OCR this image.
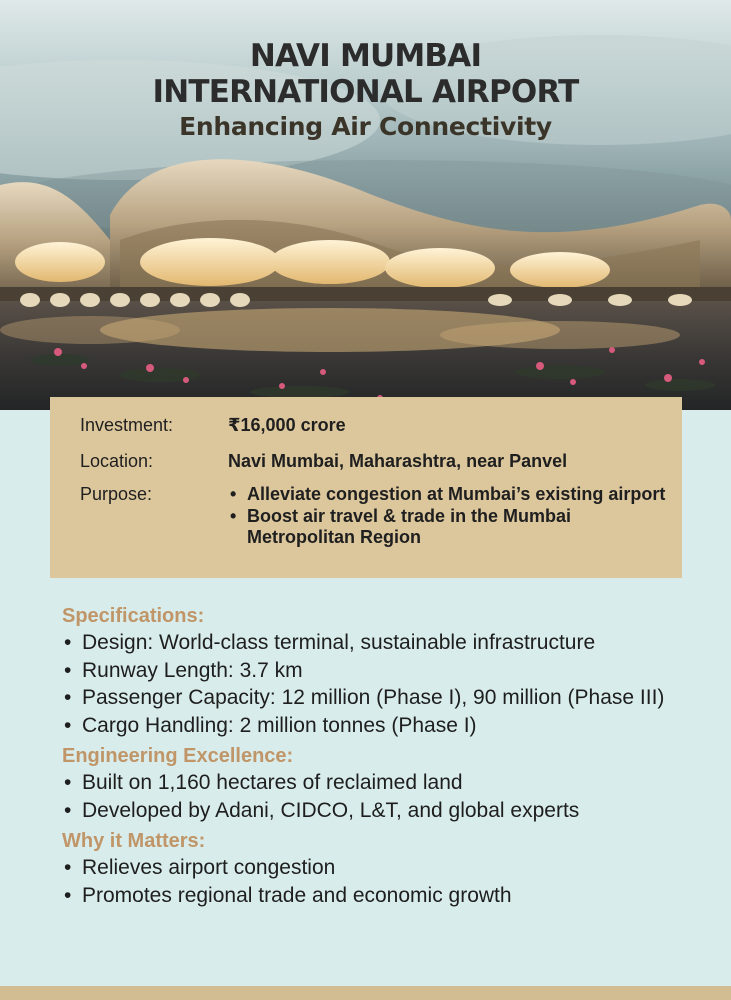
NAVI MUMBAI
INTERNATIONAL AIRPORT
Enhancing Air Connectivity
Investment:	₹16,000 crore
Location:	Navi Mumbai, Maharashtra, near Panvel
Purpose:
•	Alleviate congestion at Mumbai’s existing airport
• Boost air travel & trade in the Mumbai Metropolitan Region
Specifications:
• Design: World-class terminal, sustainable infrastructure
• Runway Length: 3.7 km
• Passenger Capacity: 12 million (Phase I), 90 million (Phase III)
• Cargo Handling: 2 million tonnes (Phase I)
Engineering Excellence:
• Built on 1,160 hectares of reclaimed land
• Developed by Adani, CIDCO, L&T, and global experts
Why it Matters:
• Relieves airport congestion
• Promotes regional trade and economic growth
